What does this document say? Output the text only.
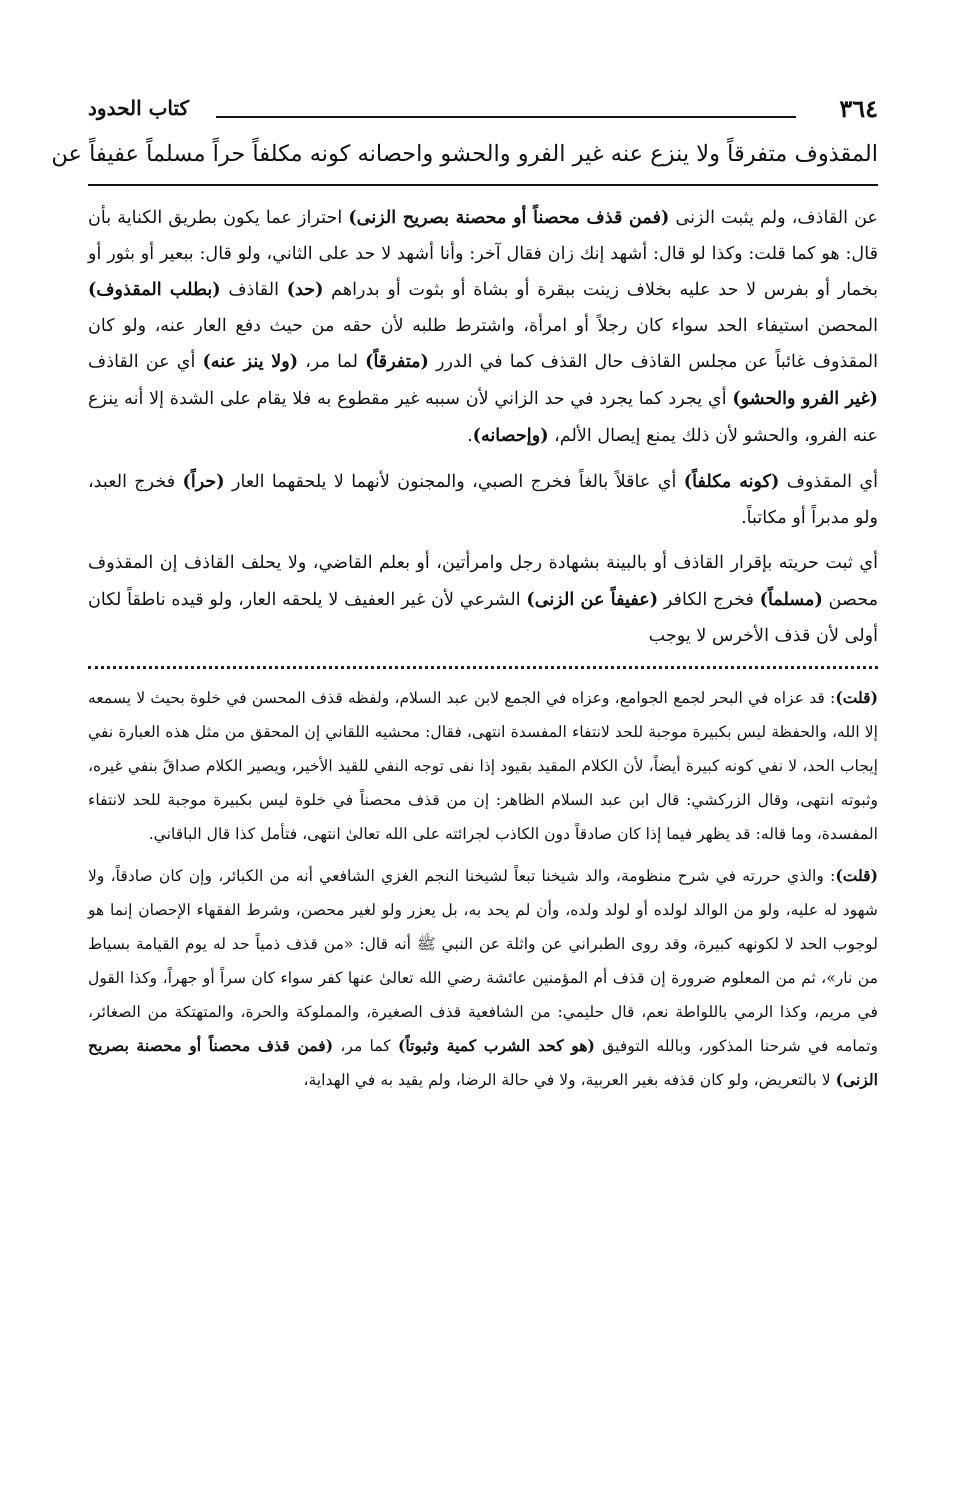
٣٦٤
كتاب الحدود
المقذوف متفرقاً ولا ينزع عنه غير الفرو والحشو واحصانه كونه مكلفاً حراً مسلماً عفيفاً عن

عن القاذف، ولم يثبت الزنى (فمن قذف محصناً أو محصنة بصريح الزنى) احتراز عما يكون بطريق الكناية بأن قال: هو كما قلت: وكذا لو قال: أشهد إنك زان فقال آخر: وأنا أشهد لا حد على الثاني، ولو قال: ببعير أو بثور أو بخمار أو بفرس لا حد عليه بخلاف زينت ببقرة أو بشاة أو بثوت أو بدراهم (حد) القاذف (بطلب المقذوف) المحصن استيفاء الحد سواء كان رجلاً أو امرأة، واشترط طلبه لأن حقه من حيث دفع العار عنه، ولو كان المقذوف غائباً عن مجلس القاذف حال القذف كما في الدرر (متفرقاً) لما مر، (ولا ينز عنه) أي عن القاذف (غير الفرو والحشو) أي يجرد كما يجرد في حد الزاني لأن سببه غير مقطوع به فلا يقام على الشدة إلا أنه ينزع عنه الفرو، والحشو لأن ذلك يمنع إيصال الألم، (وإحصانه).

أي المقذوف (كونه مكلفاً) أي عاقلاً بالغاً فخرج الصبي، والمجنون لأنهما لا يلحقهما العار (حراً) فخرج العبد، ولو مدبراً أو مكاتباً.

أي ثبت حريته بإقرار القاذف أو بالبينة بشهادة رجل وامرأتين، أو بعلم القاضي، ولا يحلف القاذف إن المقذوف محصن (مسلماً) فخرج الكافر (عفيفاً عن الزنى) الشرعي لأن غير العفيف لا يلحقه العار، ولو قيده ناطقاً لكان أولى لأن قذف الأخرس لا يوجب

(قلت): قد عزاه في البحر لجمع الجوامع، وعزاه في الجمع لابن عبد السلام، ولفظه قذف المحسن في خلوة بحيث لا يسمعه إلا الله، والحفظة ليس بكبيرة موجبة للحد لانتفاء المفسدة انتهى، فقال: محشيه اللقاني إن المحقق من مثل هذه العبارة نفي إيجاب الحد، لا نفي كونه كبيرة أيضاً، لأن الكلام المقيد بقيود إذا نفى توجه النفي للقيد الأخير، ويصير الكلام صداقً بنفي غيره، وثبوته انتهى، وقال الزركشي: قال ابن عبد السلام الظاهر: إن من قذف محصناً في خلوة ليس بكبيرة موجبة للحد لانتفاء المفسدة، وما قاله: قد يظهر فيما إذا كان صادقاً دون الكاذب لجرائته على الله تعالىٰ انتهى، فتأمل كذا قال الباقاني.

(قلت): والذي حررته في شرح منظومة، والد شيخنا تبعاً لشيخنا النجم الغزي الشافعي أنه من الكبائر، وإن كان صادقاً، ولا شهود له عليه، ولو من الوالد لولده أو لولد ولده، وأن لم يحد به، بل يعزر ولو لغير محصن، وشرط الفقهاء الإحصان إنما هو لوجوب الحد لا لكونهه كبيرة، وقد روى الطبراني عن واثلة عن النبي ﷺ أنه قال: «من قذف ذمياً حد له يوم القيامة بسياط من نار»، ثم من المعلوم ضرورة إن قذف أم المؤمنين عائشة رضي الله تعالىٰ عنها كفر سواء كان سراً أو جهراً، وكذا القول في مريم، وكذا الرمي باللواطة نعم، قال حليمي: من الشافعية قذف الصغيرة، والمملوكة والحرة، والمتهتكة من الصغائر، وتمامه في شرحنا المذكور، وبالله التوفيق (هو كحد الشرب كمية وثبوتاً) كما مر، (فمن قذف محصناً أو محصنة بصريح الزنى) لا بالتعريض، ولو كان قذفه بغير العربية، ولا في حالة الرضا، ولم يقيد به في الهداية،
